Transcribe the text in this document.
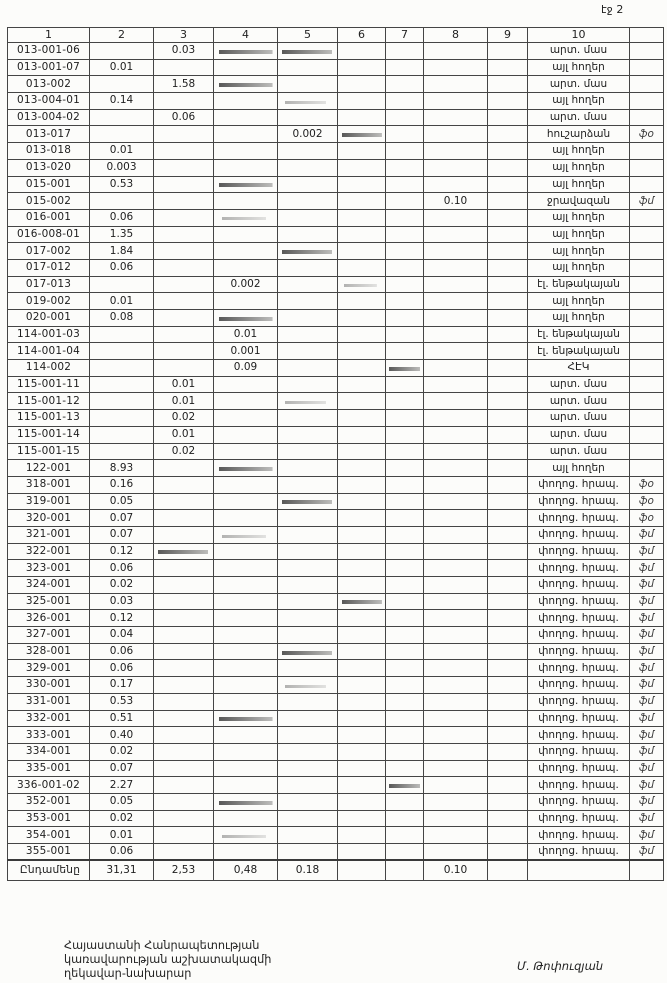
էջ 2
1	2	3	4	5	6	7	8	9	10	
013-001-06		0.03							արտ. մաս	
013-001-07	0.01								այլ հողեր	
013-002		1.58							արտ. մաս	
013-004-01	0.14								այլ հողեր	
013-004-02		0.06							արտ. մաս	
013-017				0.002					հուշարձան	ֆօ
013-018	0.01								այլ հողեր	
013-020	0.003								այլ հողեր	
015-001	0.53								այլ հողեր	
015-002							0.10		ջրավազան	ֆմ
016-001	0.06								այլ հողեր	
016-008-01	1.35								այլ հողեր	
017-002	1.84								այլ հողեր	
017-012	0.06								այլ հողեր	
017-013			0.002						էլ. ենթակայան	
019-002	0.01								այլ հողեր	
020-001	0.08								այլ հողեր	
114-001-03			0.01						էլ. ենթակայան	
114-001-04			0.001						էլ. ենթակայան	
114-002			0.09						ՀԷԿ	
115-001-11		0.01							արտ. մաս	
115-001-12		0.01							արտ. մաս	
115-001-13		0.02							արտ. մաս	
115-001-14		0.01							արտ. մաս	
115-001-15		0.02							արտ. մաս	
122-001	8.93								այլ հողեր	
318-001	0.16								փողոց. հրապ.	ֆօ
319-001	0.05								փողոց. հրապ.	ֆօ
320-001	0.07								փողոց. հրապ.	ֆօ
321-001	0.07								փողոց. հրապ.	ֆմ
322-001	0.12								փողոց. հրապ.	ֆմ
323-001	0.06								փողոց. հրապ.	ֆմ
324-001	0.02								փողոց. հրապ.	ֆմ
325-001	0.03								փողոց. հրապ.	ֆմ
326-001	0.12								փողոց. հրապ.	ֆմ
327-001	0.04								փողոց. հրապ.	ֆմ
328-001	0.06								փողոց. հրապ.	ֆմ
329-001	0.06								փողոց. հրապ.	ֆմ
330-001	0.17								փողոց. հրապ.	ֆմ
331-001	0.53								փողոց. հրապ.	ֆմ
332-001	0.51								փողոց. հրապ.	ֆմ
333-001	0.40								փողոց. հրապ.	ֆմ
334-001	0.02								փողոց. հրապ.	ֆմ
335-001	0.07								փողոց. հրապ.	ֆմ
336-001-02	2.27								փողոց. հրապ.	ֆմ
352-001	0.05								փողոց. հրապ.	ֆմ
353-001	0.02								փողոց. հրապ.	ֆմ
354-001	0.01								փողոց. հրապ.	ֆմ
355-001	0.06								փողոց. հրապ.	ֆմ
Ընդամենը	31,31	2,53	0,48	0.18			0.10			
Հայաստանի Հանրապետության
կառավարության աշխատակազմի
ղեկավար-նախարար
Մ. Թոփուզյան
